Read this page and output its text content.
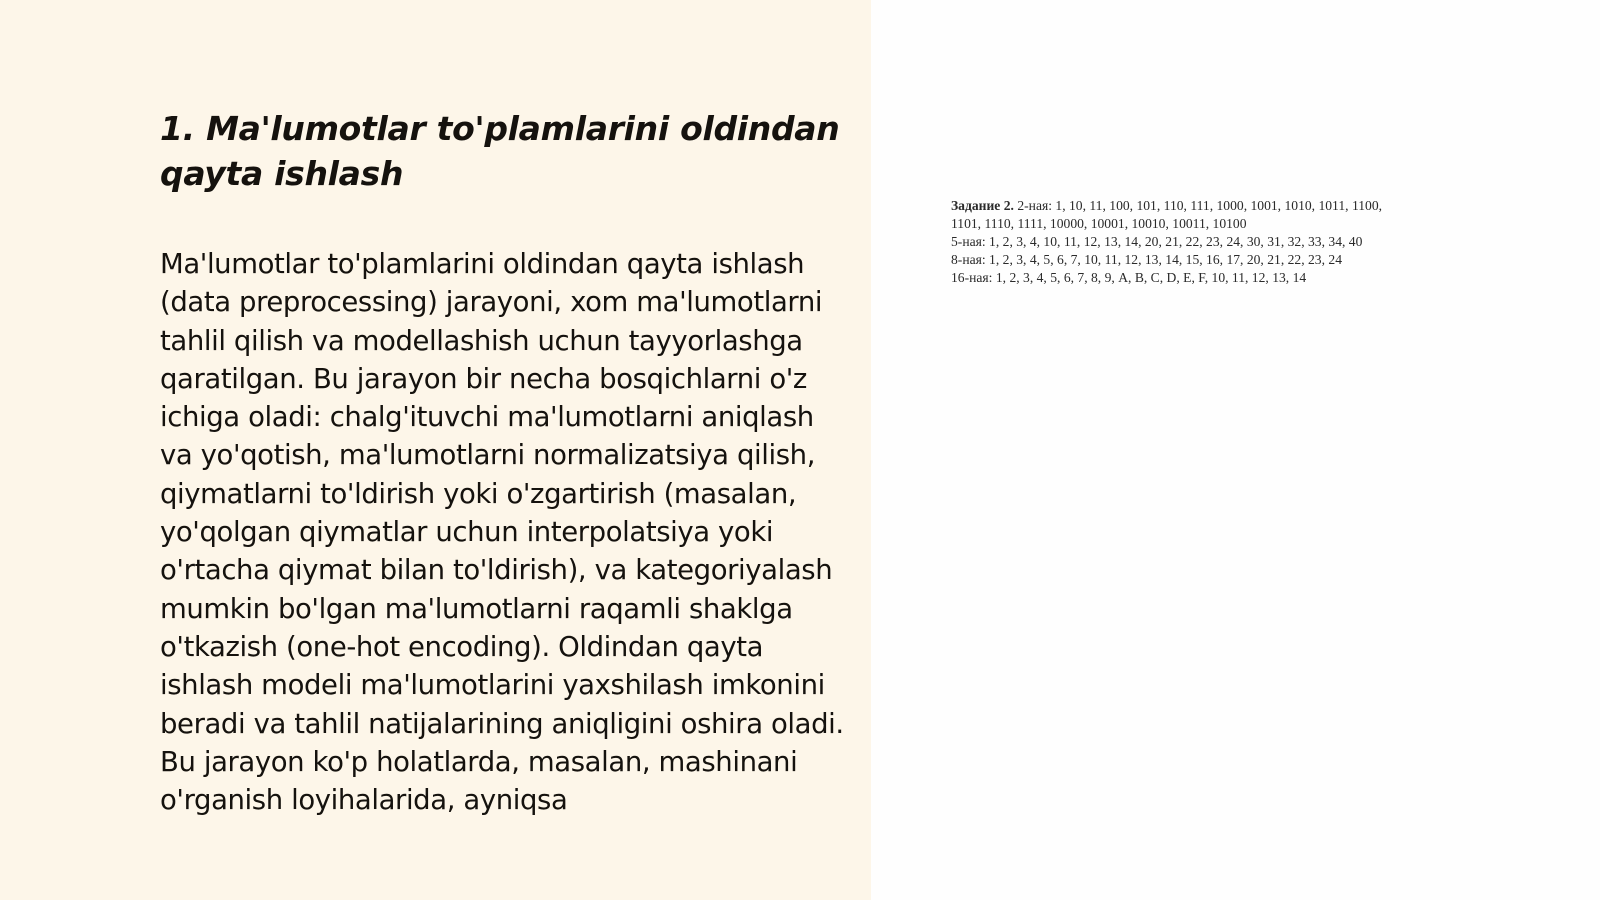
1. Ma'lumotlar to'plamlarini oldindan qayta ishlash

Ma'lumotlar to'plamlarini oldindan qayta ishlash (data preprocessing) jarayoni, xom ma'lumotlarni tahlil qilish va modellashish uchun tayyorlashga qaratilgan. Bu jarayon bir necha bosqichlarni o'z ichiga oladi: chalg'ituvchi ma'lumotlarni aniqlash va yo'qotish, ma'lumotlarni normalizatsiya qilish, qiymatlarni to'ldirish yoki o'zgartirish (masalan, yo'qolgan qiymatlar uchun interpolatsiya yoki o'rtacha qiymat bilan to'ldirish), va kategoriyalash mumkin bo'lgan ma'lumotlarni raqamli shaklga o'tkazish (one-hot encoding). Oldindan qayta ishlash modeli ma'lumotlarini yaxshilash imkonini beradi va tahlil natijalarining aniqligini oshira oladi. Bu jarayon ko'p holatlarda, masalan, mashinani o'rganish loyihalarida, ayniqsa

Задание 2. 2-ная: 1, 10, 11, 100, 101, 110, 111, 1000, 1001, 1010, 1011, 1100,
1101, 1110, 1111, 10000, 10001, 10010, 10011, 10100
5-ная: 1, 2, 3, 4, 10, 11, 12, 13, 14, 20, 21, 22, 23, 24, 30, 31, 32, 33, 34, 40
8-ная: 1, 2, 3, 4, 5, 6, 7, 10, 11, 12, 13, 14, 15, 16, 17, 20, 21, 22, 23, 24
16-ная: 1, 2, 3, 4, 5, 6, 7, 8, 9, A, B, C, D, E, F, 10, 11, 12, 13, 14
